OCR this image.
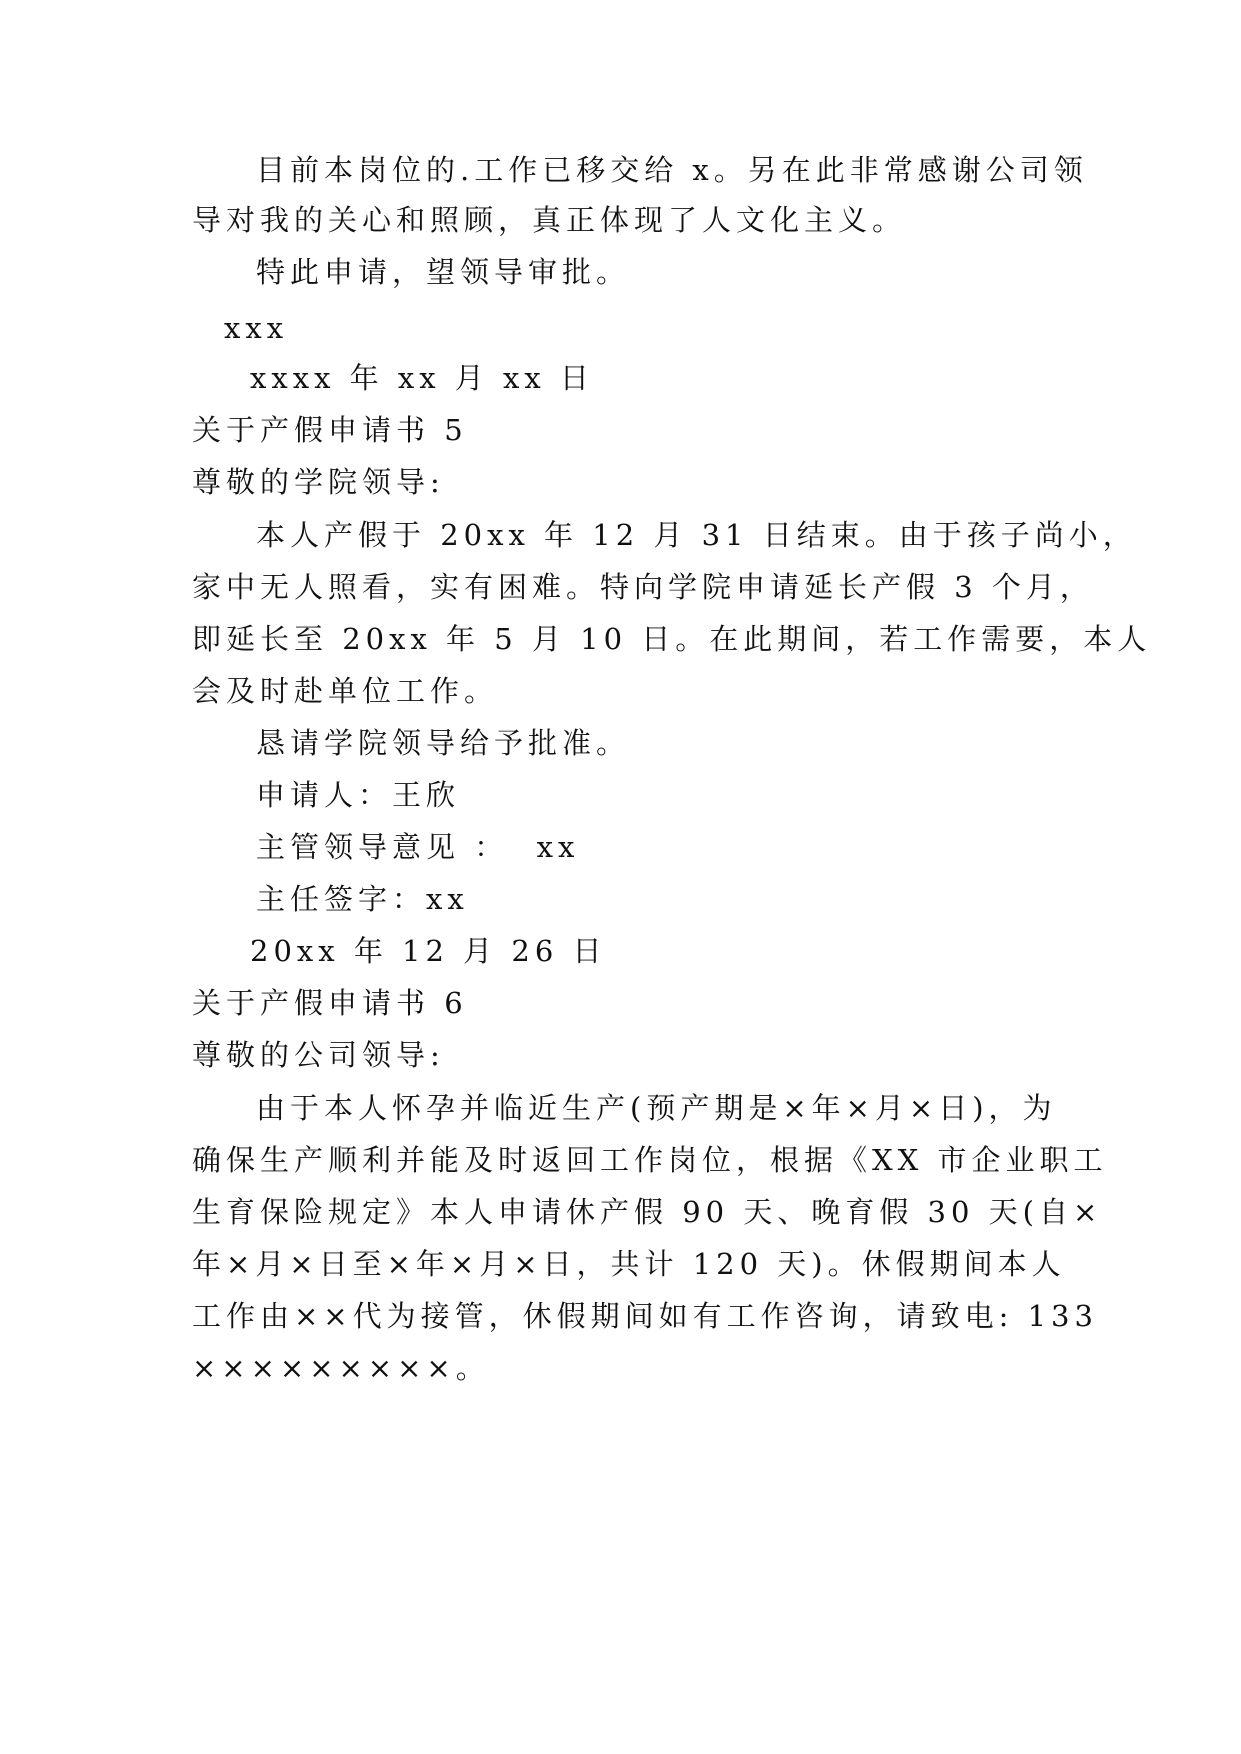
目前本岗位的.工作已移交给 x。另在此非常感谢公司领
导对我的关心和照顾，真正体现了人文化主义。
特此申请，望领导审批。
xxx
xxxx 年 xx 月 xx 日
关于产假申请书 5
尊敬的学院领导:
本人产假于 20xx 年 12 月 31 日结束。由于孩子尚小，
家中无人照看，实有困难。特向学院申请延长产假 3 个月，
即延长至 20xx 年 5 月 10 日。在此期间，若工作需要，本人
会及时赴单位工作。
恳请学院领导给予批准。
申请人：王欣
主管领导意见 ：  xx
主任签字：xx
20xx 年 12 月 26 日
关于产假申请书 6
尊敬的公司领导:
由于本人怀孕并临近生产(预产期是×年×月×日)，为
确保生产顺利并能及时返回工作岗位，根据《XX 市企业职工
生育保险规定》本人申请休产假 90 天、晚育假 30 天(自×
年×月×日至×年×月×日，共计 120 天)。休假期间本人
工作由××代为接管，休假期间如有工作咨询，请致电: 133
×××××××××。
